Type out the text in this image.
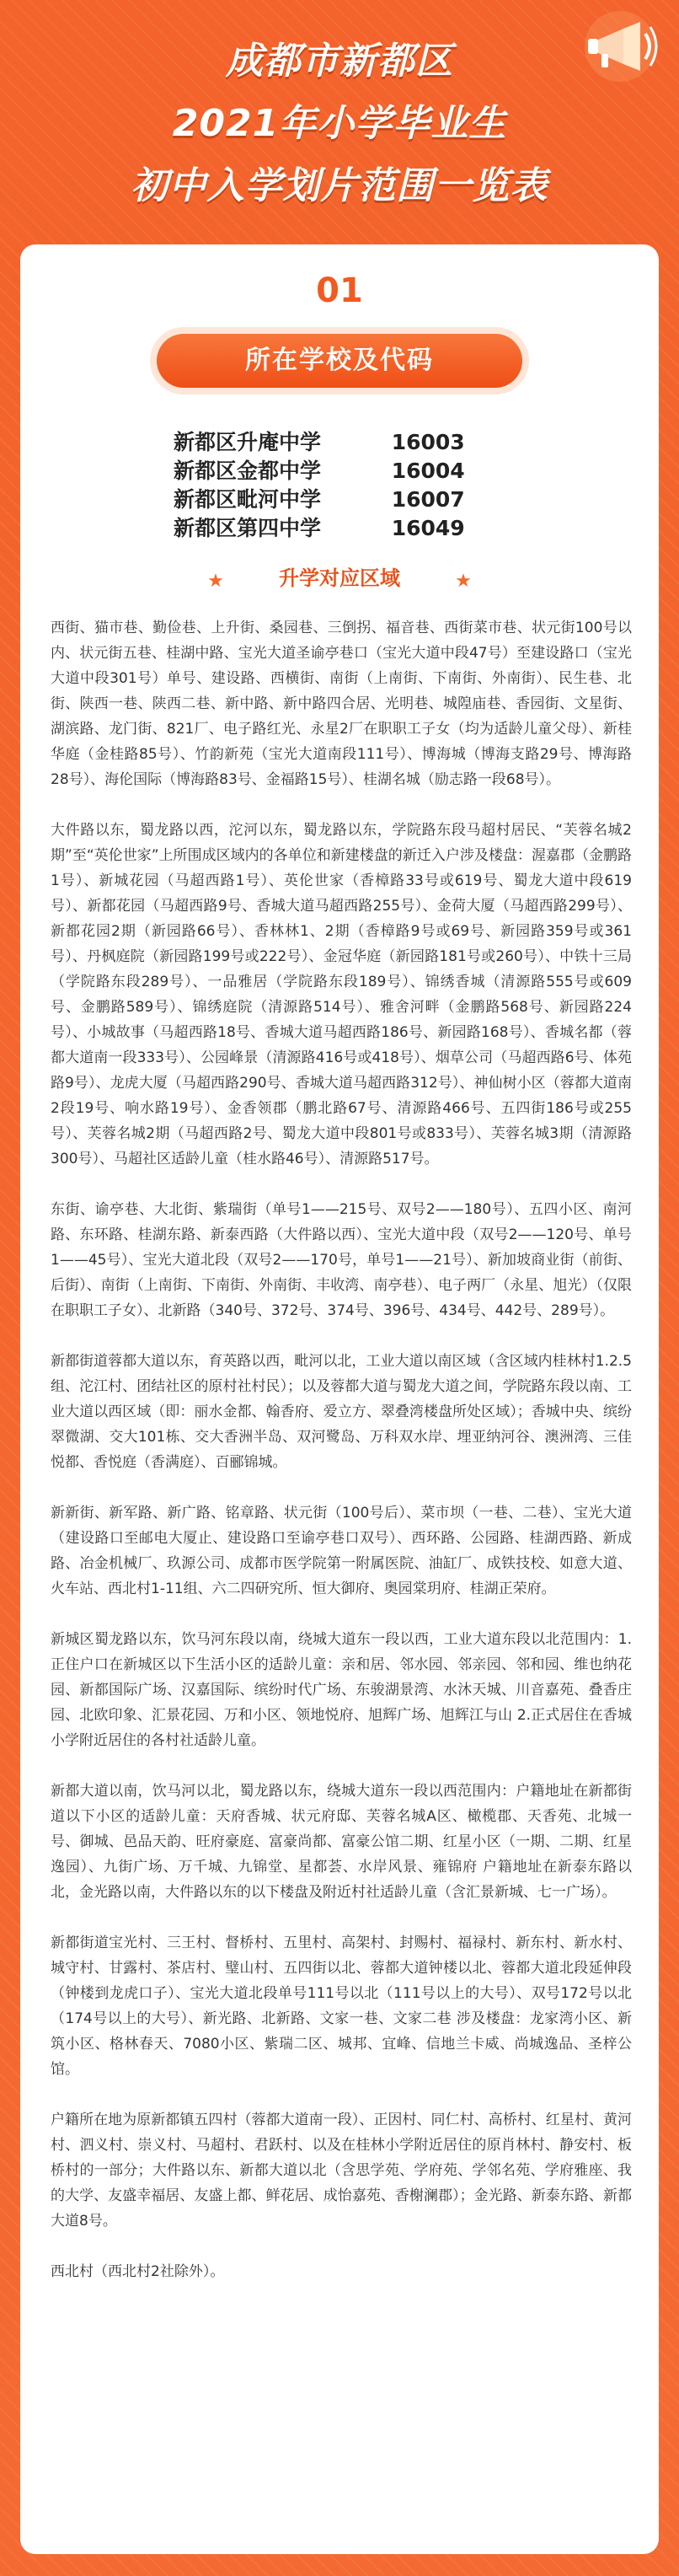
成都市新都区
2021年小学毕业生
初中入学划片范围一览表
01
所在学校及代码
新都区升庵中学	16003
新都区金都中学	16004
新都区毗河中学	16007
新都区第四中学	16049
★	升学对应区域	★

西街、猫市巷、勤俭巷、上升街、桑园巷、三倒拐、福音巷、西街菜市巷、状元街100号以内、状元街五巷、桂湖中路、宝光大道圣谕亭巷口（宝光大道中段47号）至建设路口（宝光大道中段301号）单号、建设路、西横街、南街（上南街、下南街、外南街）、民生巷、北街、陕西一巷、陕西二巷、新中路、新中路四合居、光明巷、城隍庙巷、香园街、文星街、湖滨路、龙门街、821厂、电子路红光、永星2厂在职职工子女（均为适龄儿童父母）、新桂华庭（金桂路85号）、竹韵新苑（宝光大道南段111号）、博海城（博海支路29号、博海路28号）、海伦国际（博海路83号、金福路15号）、桂湖名城（励志路一段68号）。

大件路以东，蜀龙路以西，沱河以东，蜀龙路以东，学院路东段马超村居民、“芙蓉名城2期”至“英伦世家”上所围成区域内的各单位和新建楼盘的新迁入户涉及楼盘：渥嘉郡（金鹏路1号）、新城花园（马超西路1号）、英伦世家（香樟路33号或619号、蜀龙大道中段619号）、新都花园（马超西路9号、香城大道马超西路255号）、金荷大厦（马超西路299号）、新都花园2期（新园路66号）、香林林1、2期（香樟路9号或69号、新园路359号或361号）、丹枫庭院（新园路199号或222号）、金冠华庭（新园路181号或260号）、中铁十三局（学院路东段289号）、一品雅居（学院路东段189号）、锦绣香城（清源路555号或609号、金鹏路589号）、锦绣庭院（清源路514号）、雅舍河畔（金鹏路568号、新园路224号）、小城故事（马超西路18号、香城大道马超西路186号、新园路168号）、香城名都（蓉都大道南一段333号）、公园峰景（清源路416号或418号）、烟草公司（马超西路6号、体苑路9号）、龙虎大厦（马超西路290号、香城大道马超西路312号）、神仙树小区（蓉都大道南2段19号、响水路19号）、金香领郡（鹏北路67号、清源路466号、五四街186号或255号）、芙蓉名城2期（马超西路2号、蜀龙大道中段801号或833号）、芙蓉名城3期（清源路300号）、马超社区适龄儿童（桂水路46号）、清源路517号。

东街、谕亭巷、大北街、紫瑞街（单号1——215号、双号2——180号）、五四小区、南河路、东环路、桂湖东路、新泰西路（大件路以西）、宝光大道中段（双号2——120号、单号1——45号）、宝光大道北段（双号2——170号，单号1——21号）、新加坡商业街（前街、后街）、南街（上南街、下南街、外南街、丰收湾、南亭巷）、电子两厂（永星、旭光）（仅限在职职工子女）、北新路（340号、372号、374号、396号、434号、442号、289号）。

新都街道蓉都大道以东，育英路以西，毗河以北，工业大道以南区域（含区域内桂林村1.2.5组、沱江村、团结社区的原村社村民）；以及蓉都大道与蜀龙大道之间，学院路东段以南、工业大道以西区域（即：丽水金都、翰香府、爱立方、翠叠湾楼盘所处区域）；香城中央、缤纷翠微湖、交大101栋、交大香洲半岛、双河鹭岛、万科双水岸、埋亚纳河谷、澳洲湾、三佳悦都、香悦庭（香满庭）、百郦锦城。

新新街、新军路、新广路、铭章路、状元街（100号后）、菜市坝（一巷、二巷）、宝光大道（建设路口至邮电大厦止、建设路口至谕亭巷口双号）、西环路、公园路、桂湖西路、新成路、冶金机械厂、玖源公司、成都市医学院第一附属医院、油缸厂、成铁技校、如意大道、火车站、西北村1-11组、六二四研究所、恒大御府、奥园棠玥府、桂湖正荣府。

新城区蜀龙路以东，饮马河东段以南，绕城大道东一段以西，工业大道东段以北范围内：1.正住户口在新城区以下生活小区的适龄儿童：亲和居、邻水园、邻亲园、邻和园、维也纳花园、新都国际广场、汉嘉国际、缤纷时代广场、东骏湖景湾、水沐天城、川音嘉苑、叠香庄园、北欧印象、汇景花园、万和小区、领地悦府、旭辉广场、旭辉江与山 2.正式居住在香城小学附近居住的各村社适龄儿童。

新都大道以南，饮马河以北，蜀龙路以东，绕城大道东一段以西范围内：户籍地址在新都街道以下小区的适龄儿童：天府香城、状元府邸、芙蓉名城A区、橄榄郡、天香苑、北城一号、御城、邑品天韵、旺府豪庭、富豪尚都、富豪公馆二期、红星小区（一期、二期、红星逸园）、九街广场、万千城、九锦堂、星都荟、水岸风景、雍锦府 户籍地址在新泰东路以北，金光路以南，大件路以东的以下楼盘及附近村社适龄儿童（含汇景新城、七一广场）。

新都街道宝光村、三王村、督桥村、五里村、高架村、封赐村、福禄村、新东村、新水村、城守村、甘露村、茶店村、璧山村、五四街以北、蓉都大道钟楼以北、蓉都大道北段延伸段（钟楼到龙虎口子）、宝光大道北段单号111号以北（111号以上的大号）、双号172号以北（174号以上的大号）、新光路、北新路、文家一巷、文家二巷 涉及楼盘：龙家湾小区、新筑小区、格林春天、7080小区、紫瑞二区、城邦、宜峰、信地兰卡威、尚城逸品、圣梓公馆。

户籍所在地为原新都镇五四村（蓉都大道南一段）、正因村、同仁村、高桥村、红星村、黄河村、泗义村、崇义村、马超村、君跃村、以及在桂林小学附近居住的原肖林村、静安村、板桥村的一部分；大件路以东、新都大道以北（含思学苑、学府苑、学邻名苑、学府雅座、我的大学、友盛幸福居、友盛上都、鲜花居、成怡嘉苑、香榭澜郡）；金光路、新泰东路、新都大道8号。

西北村（西北村2社除外）。
